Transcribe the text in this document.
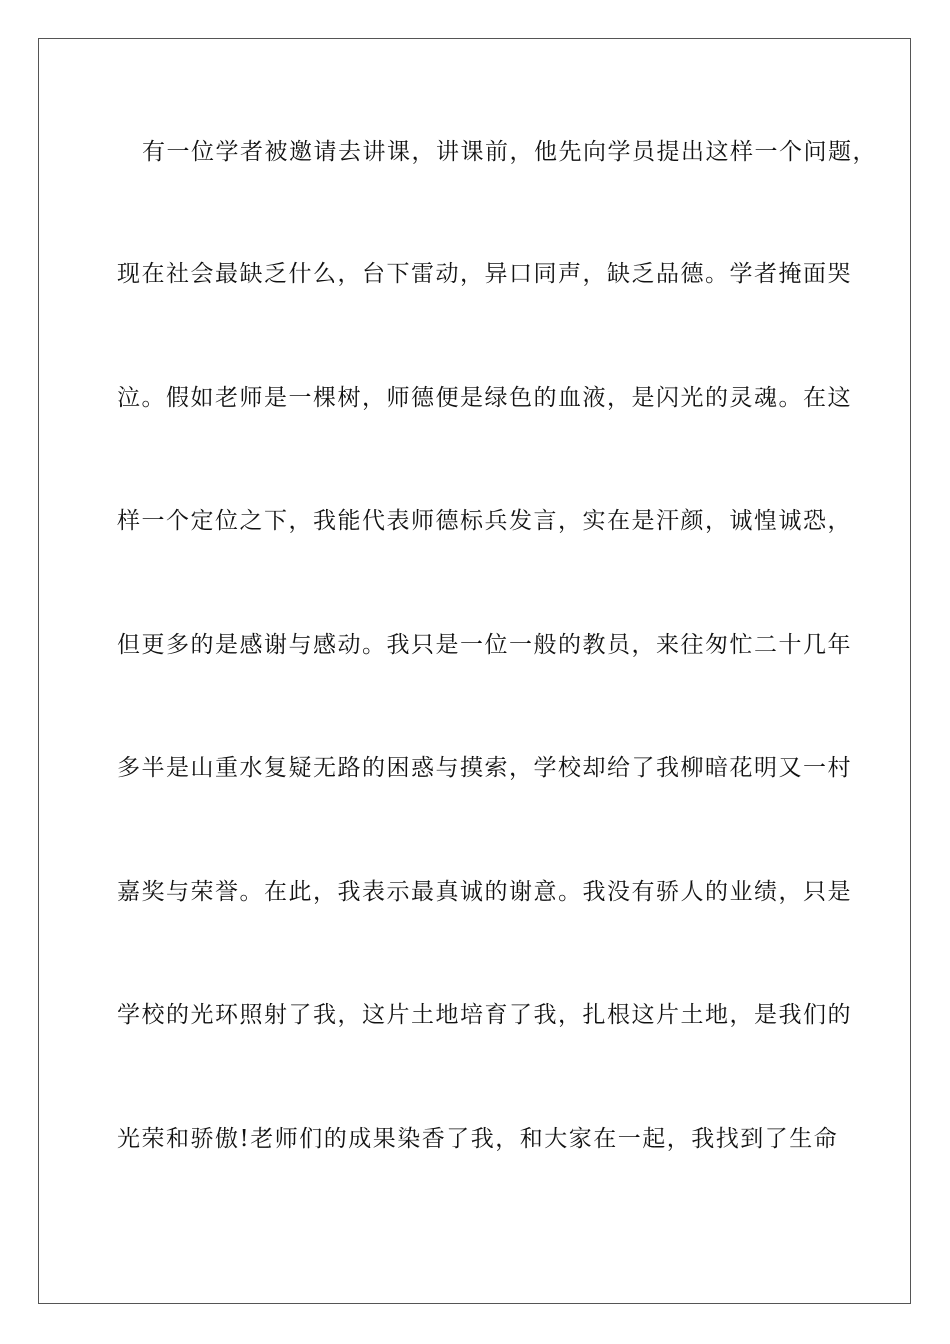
有一位学者被邀请去讲课，讲课前，他先向学员提出这样一个问题，
现在社会最缺乏什么，台下雷动，异口同声，缺乏品德。学者掩面哭
泣。假如老师是一棵树，师德便是绿色的血液，是闪光的灵魂。在这
样一个定位之下，我能代表师德标兵发言，实在是汗颜，诚惶诚恐，
但更多的是感谢与感动。我只是一位一般的教员，来往匆忙二十几年
多半是山重水复疑无路的困惑与摸索，学校却给了我柳暗花明又一村
嘉奖与荣誉。在此，我表示最真诚的谢意。我没有骄人的业绩，只是
学校的光环照射了我，这片土地培育了我，扎根这片土地，是我们的
光荣和骄傲!老师们的成果染香了我，和大家在一起，我找到了生命
